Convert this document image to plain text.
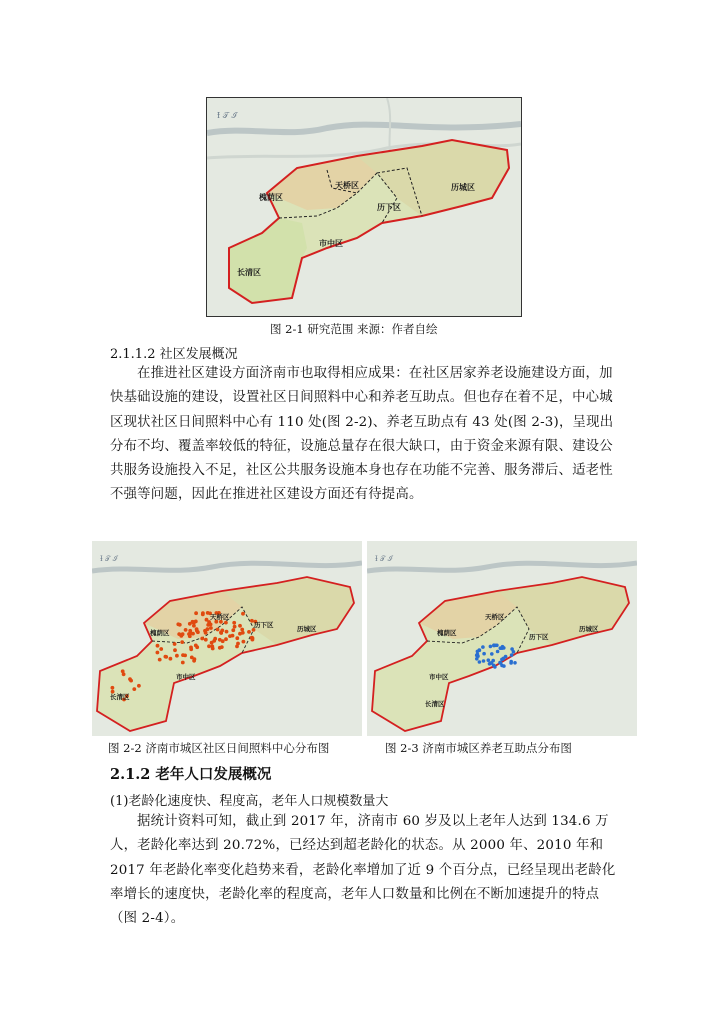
Ɨ 𝒯 ℐ
槐荫区
天桥区	历城区
历下区
市中区
长清区
图 2-1 研究范围 来源：作者自绘
2.1.1.2 社区发展概况

在推进社区建设方面济南市也取得相应成果：在社区居家养老设施建设方面，加快基础设施的建设，设置社区日间照料中心和养老互助点。但也存在着不足，中心城区现状社区日间照料中心有 110 处(图 2-2)、养老互助点有 43 处(图 2-3)，呈现出分布不均、覆盖率较低的特征，设施总量存在很大缺口，由于资金来源有限、建设公共服务设施投入不足，社区公共服务设施本身也存在功能不完善、服务滞后、适老性不强等问题，因此在推进社区建设方面还有待提高。

Ɨ 𝒯 ℐ
槐荫区
天桥区
历下区	历城区
市中区
长清区
图 2-2 济南市城区社区日间照料中心分布图
Ɨ 𝒯 ℐ
槐荫区
天桥区
历下区
历城区
市中区
长清区
图 2-3 济南市城区养老互助点分布图
2.1.2 老年人口发展概况
(1)老龄化速度快、程度高，老年人口规模数量大

据统计资料可知，截止到 2017 年，济南市 60 岁及以上老年人达到 134.6 万人，老龄化率达到 20.72%，已经达到超老龄化的状态。从 2000 年、2010 年和 2017 年老龄化率变化趋势来看，老龄化率增加了近 9 个百分点，已经呈现出老龄化率增长的速度快，老龄化率的程度高，老年人口数量和比例在不断加速提升的特点（图 2-4）。
